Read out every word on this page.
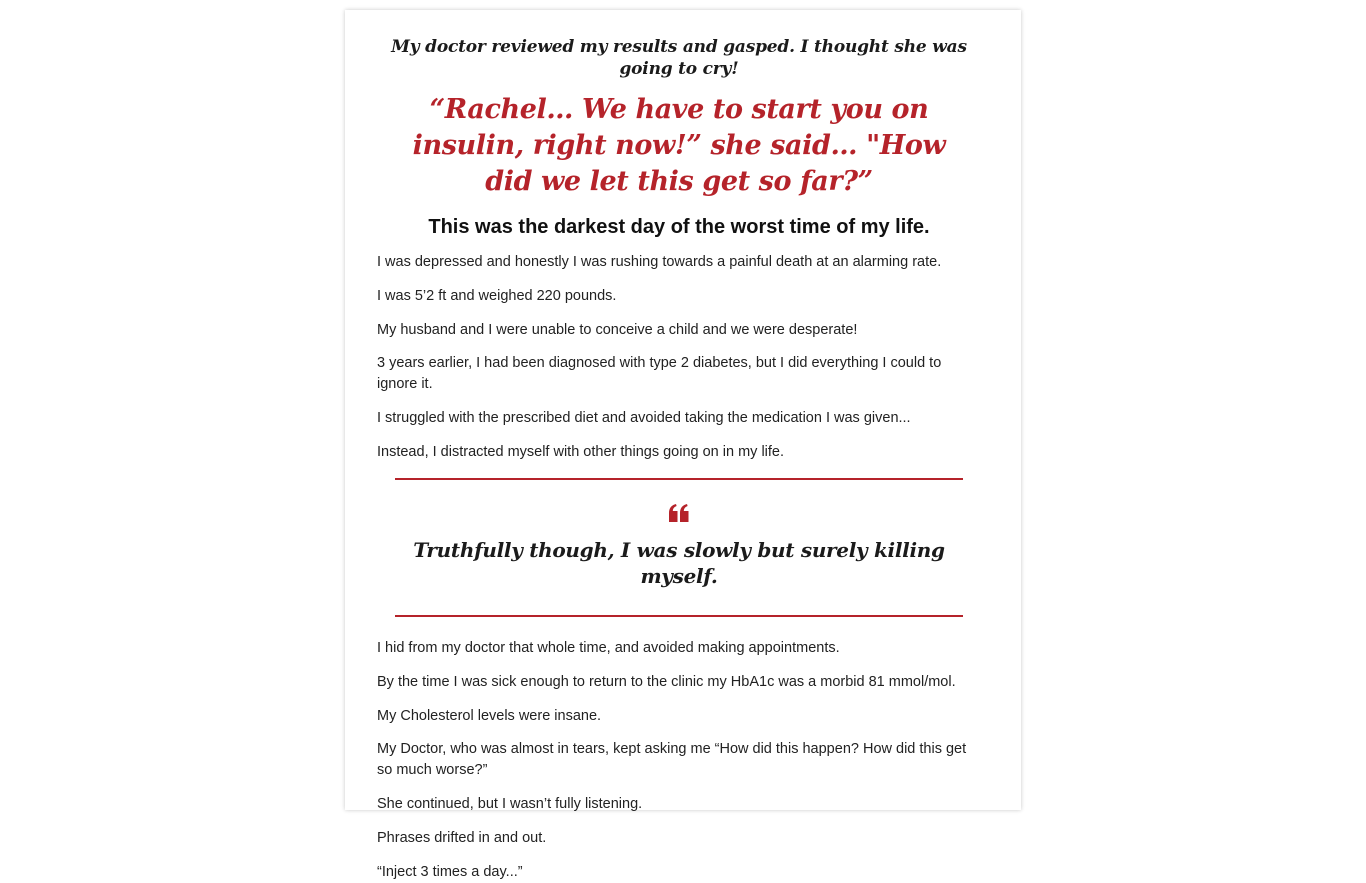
My doctor reviewed my results and gasped. I thought she was going to cry!

“Rachel… We have to start you on insulin, right now!” she said… "How did we let this get so far?”

This was the darkest day of the worst time of my life.

I was depressed and honestly I was rushing towards a painful death at an alarming rate.

I was 5’2 ft and weighed 220 pounds.

My husband and I were unable to conceive a child and we were desperate!

3 years earlier, I had been diagnosed with type 2 diabetes, but I did everything I could to ignore it.

I struggled with the prescribed diet and avoided taking the medication I was given...

Instead, I distracted myself with other things going on in my life.

Truthfully though, I was slowly but surely killing myself.

I hid from my doctor that whole time, and avoided making appointments.

By the time I was sick enough to return to the clinic my HbA1c was a morbid 81 mmol/mol.

My Cholesterol levels were insane.

My Doctor, who was almost in tears, kept asking me “How did this happen? How did this get so much worse?”

She continued, but I wasn’t fully listening.

Phrases drifted in and out.

“Inject 3 times a day...”
